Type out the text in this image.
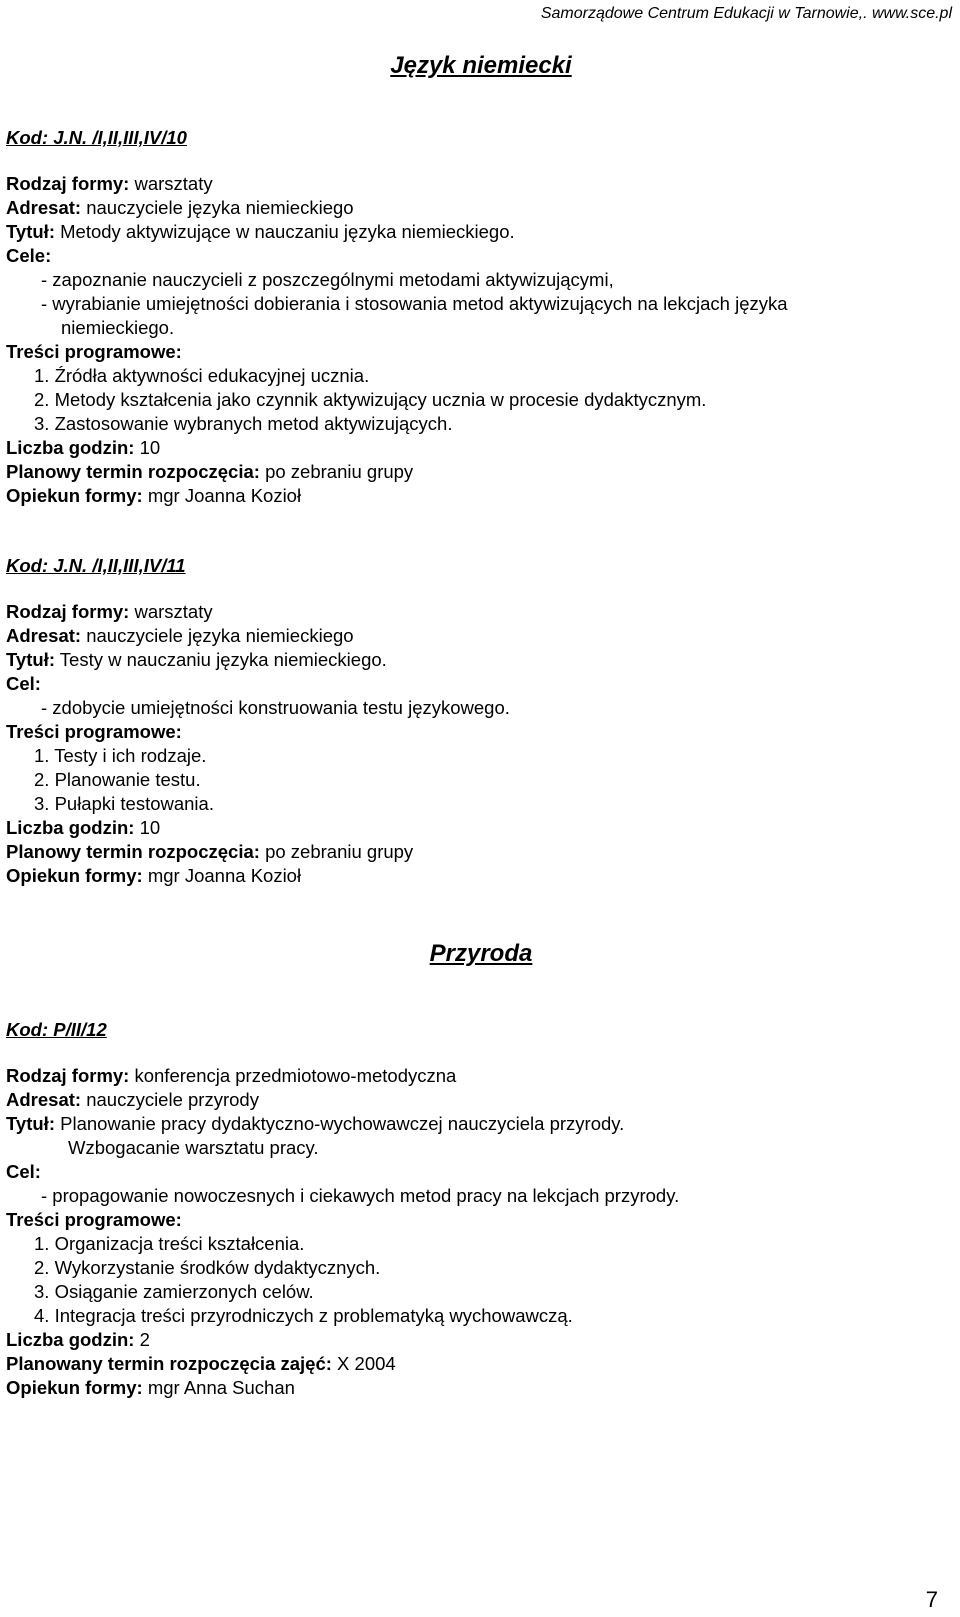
Samorządowe Centrum Edukacji w Tarnowie,. www.sce.pl
Język niemiecki
Kod: J.N. /I,II,III,IV/10
Rodzaj formy: warsztaty
Adresat: nauczyciele języka niemieckiego
Tytuł: Metody aktywizujące w nauczaniu języka niemieckiego.
Cele:
- zapoznanie nauczycieli z poszczególnymi metodami aktywizującymi,
- wyrabianie umiejętności dobierania i stosowania metod aktywizujących na lekcjach języka
niemieckiego.
Treści programowe:
1. Źródła aktywności edukacyjnej ucznia.
2. Metody kształcenia jako czynnik aktywizujący ucznia w procesie dydaktycznym.
3. Zastosowanie wybranych metod aktywizujących.
Liczba godzin: 10
Planowy termin rozpoczęcia: po zebraniu grupy
Opiekun formy: mgr Joanna Kozioł
Kod: J.N. /I,II,III,IV/11
Rodzaj formy: warsztaty
Adresat: nauczyciele języka niemieckiego
Tytuł: Testy w nauczaniu języka niemieckiego.
Cel:
- zdobycie umiejętności konstruowania testu językowego.
Treści programowe:
1. Testy i ich rodzaje.
2. Planowanie testu.
3. Pułapki testowania.
Liczba godzin: 10
Planowy termin rozpoczęcia: po zebraniu grupy
Opiekun formy: mgr Joanna Kozioł
Przyroda
Kod: P/II/12
Rodzaj formy: konferencja przedmiotowo-metodyczna
Adresat: nauczyciele przyrody
Tytuł: Planowanie pracy dydaktyczno-wychowawczej nauczyciela przyrody.
Wzbogacanie warsztatu pracy.
Cel:
- propagowanie nowoczesnych i ciekawych metod pracy na lekcjach przyrody.
Treści programowe:
1. Organizacja treści kształcenia.
2. Wykorzystanie środków dydaktycznych.
3. Osiąganie zamierzonych celów.
4. Integracja treści przyrodniczych z problematyką wychowawczą.
Liczba godzin: 2
Planowany termin rozpoczęcia zajęć: X 2004
Opiekun formy: mgr Anna Suchan
7
